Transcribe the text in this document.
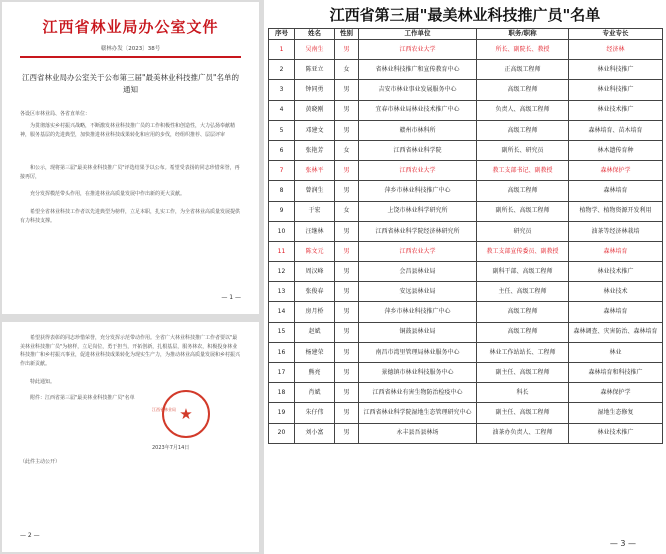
江西省林业局办公室文件
赣林办发〔2023〕38号
江西省林业局办公室关于公布第三届"最美林业科技推广员"名单的通知
各设区市林业局、各省直单位：
为贯彻落实乡村振兴战略，不断激发林业科技推广员的工作积极性和创造性，大力弘扬奉献精神，服务基层的先进典型，加快推进林业科技成果转化和应用的步伐，经组织推荐、层层评审
和公示，现将第三届"最美林业科技推广员"评选结果予以公布。希望受表扬的同志珍惜荣誉，再接再厉，
充分发挥模范带头作用，在推进林业高质量发展中作出新的更大贡献。
希望全省林业科技工作者以先进典型为榜样，立足本职，扎实工作，为全省林业高质量发展提供有力科技支撑。
— 1 —
希望获得表彰的同志珍惜荣誉，充分发挥示范带动作用。全省广大林业科技推广工作者要以"最美林业科技推广员"为榜样，立足岗位，勇于担当，开拓创新，扎根基层，服务林农，积极投身林业科技推广和乡村振兴事业，促进林业科技成果转化为现实生产力，为推动林业高质量发展和乡村振兴作出新贡献。
特此通知。
附件：江西省第三届"最美林业科技推广员"名单
★
江西省林业局
2023年7月14日
（此件主动公开）
— 2 —
江西省第三届"最美林业科技推广员"名单
序号	姓名	性别	工作单位	职务/职称	专业专长
1	吴南生	男	江西农业大学	所长、副院长、教授	经济林
2	陈亚立	女	省林业科技推广和宣传教育中心	正高级工程师	林业科技推广
3	钟同勇	男	吉安市林业事业发展服务中心	高级工程师	林业科技推广
4	黄晓刚	男	宜春市林业局林业技术推广中心	负责人、高级工程师	林业技术推广
5	邓建文	男	赣州市林科所	高级工程师	森林培育、苗木培育
6	张艳芳	女	江西省林业科学院	副所长、研究员	林木遗传育种
7	张林平	男	江西农业大学	教工支部书记、副教授	森林保护学
8	曾润生	男	萍乡市林业科技推广中心	高级工程师	森林培育
9	于宏	女	上饶市林业科学研究所	副所长、高级工程师	植物学、植物资源开发利用
10	汪继林	男	江西省林业科学院经济林研究所	研究员	油茶等经济林栽培
11	陈文元	男	江西农业大学	教工支部宣传委员、副教授	森林培育
12	周汉峰	男	会昌县林业局	副科干部、高级工程师	林业技术推广
13	张俊春	男	安远县林业局	主任、高级工程师	林业技术
14	房月桥	男	萍乡市林业科技推广中心	高级工程师	森林培育
15	赵斌	男	铜鼓县林业局	高级工程师	森林调查、灾害防治、森林培育
16	杨建荣	男	南昌市湾里管理局林业服务中心	林业工作站站长、工程师	林业
17	熊亮	男	景德镇市林业科技服务中心	副主任、高级工程师	森林培育和科技推广
18	肖斌	男	江西省林业有害生物防治检疫中心	科长	森林保护学
19	朱仔伟	男	江西省林业科学院湿地生态管理研究中心	副主任、高级工程师	湿地生态修复
20	刘小富	男	永丰县吾县林场	油茶办负责人、工程师	林业技术推广
— 3 —
